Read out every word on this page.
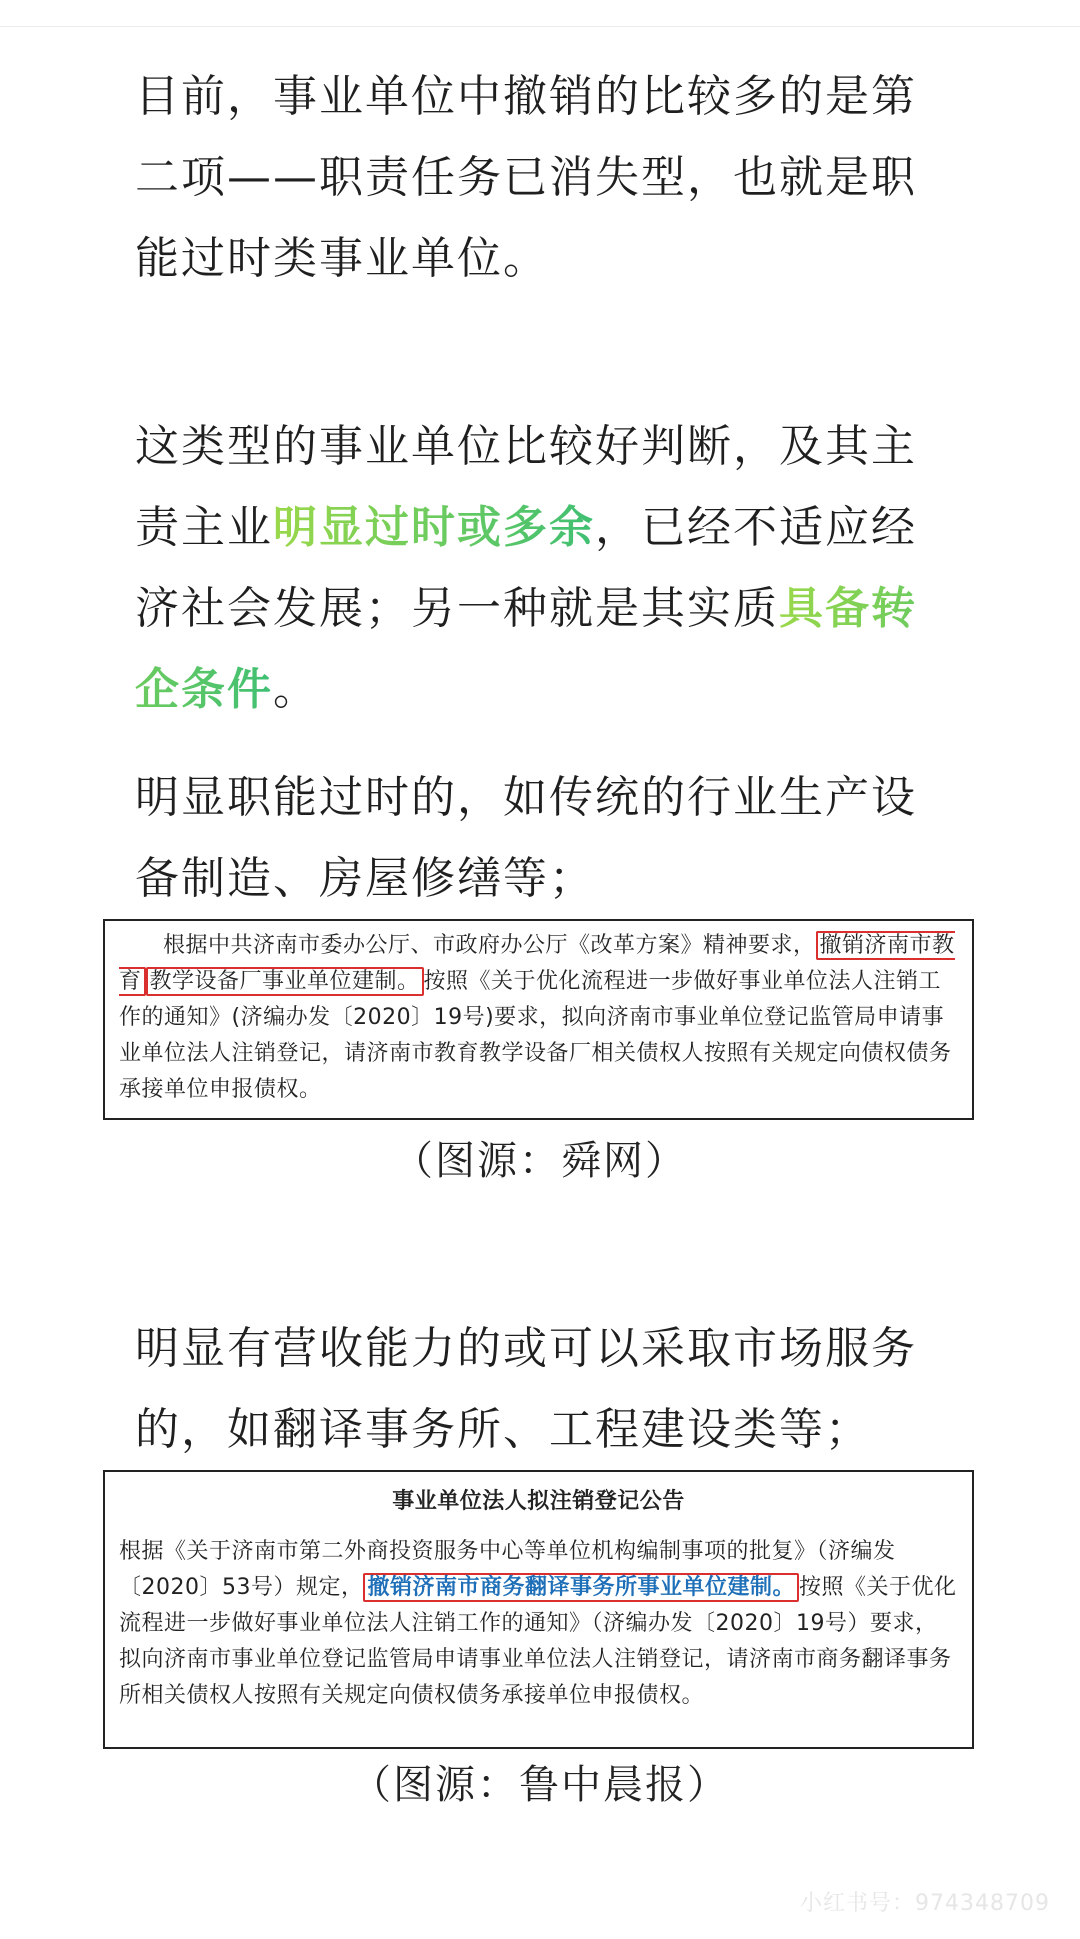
目前，事业单位中撤销的比较多的是第二项——职责任务已消失型，也就是职能过时类事业单位。

这类型的事业单位比较好判断，及其主责主业明显过时或多余，已经不适应经济社会发展；另一种就是其实质具备转企条件。

明显职能过时的，如传统的行业生产设备制造、房屋修缮等；

根据中共济南市委办公厅、市政府办公厅《改革方案》精神要求， 撤销济南市教育 教学设备厂事业单位建制。 按照《关于优化流程进一步做好事业单位法人注销工作的通知》(济编办发〔2020〕19号)要求，拟向济南市事业单位登记监管局申请事业单位法人注销登记，请济南市教育教学设备厂相关债权人按照有关规定向债权债务承接单位申报债权。

（图源：舜网）

明显有营收能力的或可以采取市场服务的，如翻译事务所、工程建设类等；

事业单位法人拟注销登记公告

根据《关于济南市第二外商投资服务中心等单位机构编制事项的批复》（济编发〔2020〕53号）规定， 撤销济南市商务翻译事务所事业单位建制。 按照《关于优化流程进一步做好事业单位法人注销工作的通知》（济编办发〔2020〕19号）要求，拟向济南市事业单位登记监管局申请事业单位法人注销登记，请济南市商务翻译事务所相关债权人按照有关规定向债权债务承接单位申报债权。

（图源：鲁中晨报）
小红书号：974348709
